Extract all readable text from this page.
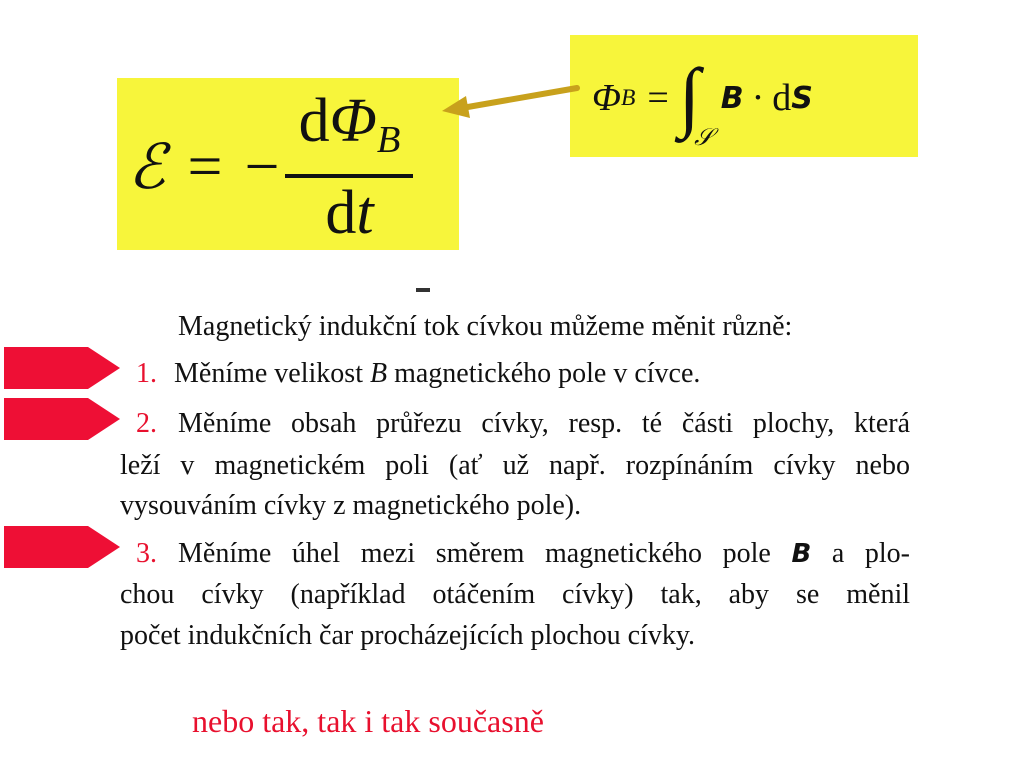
ℰ = − $\frac{d\Phi_B}{dt}$	Φ B = ∫
𝒮
B · d S
Magnetický indukční tok cívkou můžeme měnit různě:
1. Měníme velikost B magnetického pole v cívce.
2. Měníme obsah průřezu cívky, resp. té části plochy, která
leží v magnetickém poli (ať už např. rozpínáním cívky nebo
vysouváním cívky z magnetického pole).
3. Měníme úhel mezi směrem magnetického pole B a plo-
chou cívky (například otáčením cívky) tak, aby se měnil
počet indukčních čar procházejících plochou cívky.
nebo tak, tak i tak současně
